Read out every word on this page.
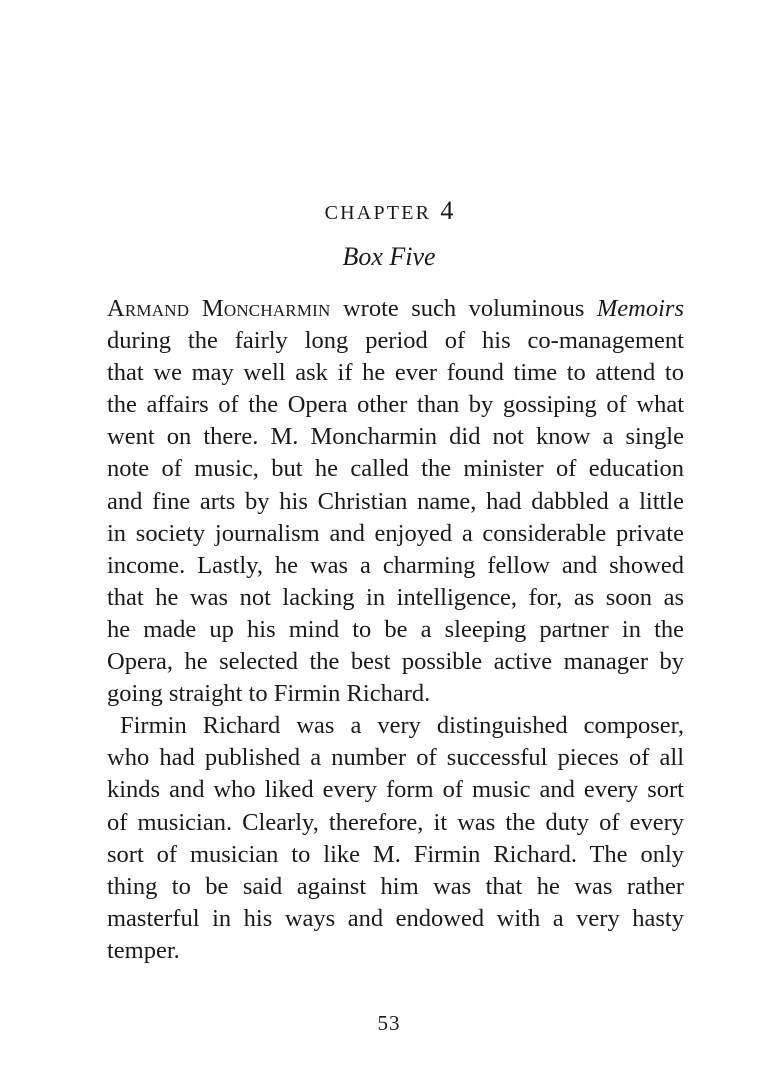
CHAPTER 4
Box Five
Armand Moncharmin wrote such voluminous Memoirs
during the fairly long period of his co-management
that we may well ask if he ever found time to attend to
the affairs of the Opera other than by gossiping of what
went on there. M. Moncharmin did not know a single
note of music, but he called the minister of education
and fine arts by his Christian name, had dabbled a little
in society journalism and enjoyed a considerable private
income. Lastly, he was a charming fellow and showed
that he was not lacking in intelligence, for, as soon as
he made up his mind to be a sleeping partner in the
Opera, he selected the best possible active manager by
going straight to Firmin Richard.
Firmin Richard was a very distinguished composer,
who had published a number of successful pieces of all
kinds and who liked every form of music and every sort
of musician. Clearly, therefore, it was the duty of every
sort of musician to like M. Firmin Richard. The only
thing to be said against him was that he was rather
masterful in his ways and endowed with a very hasty
temper.
53
